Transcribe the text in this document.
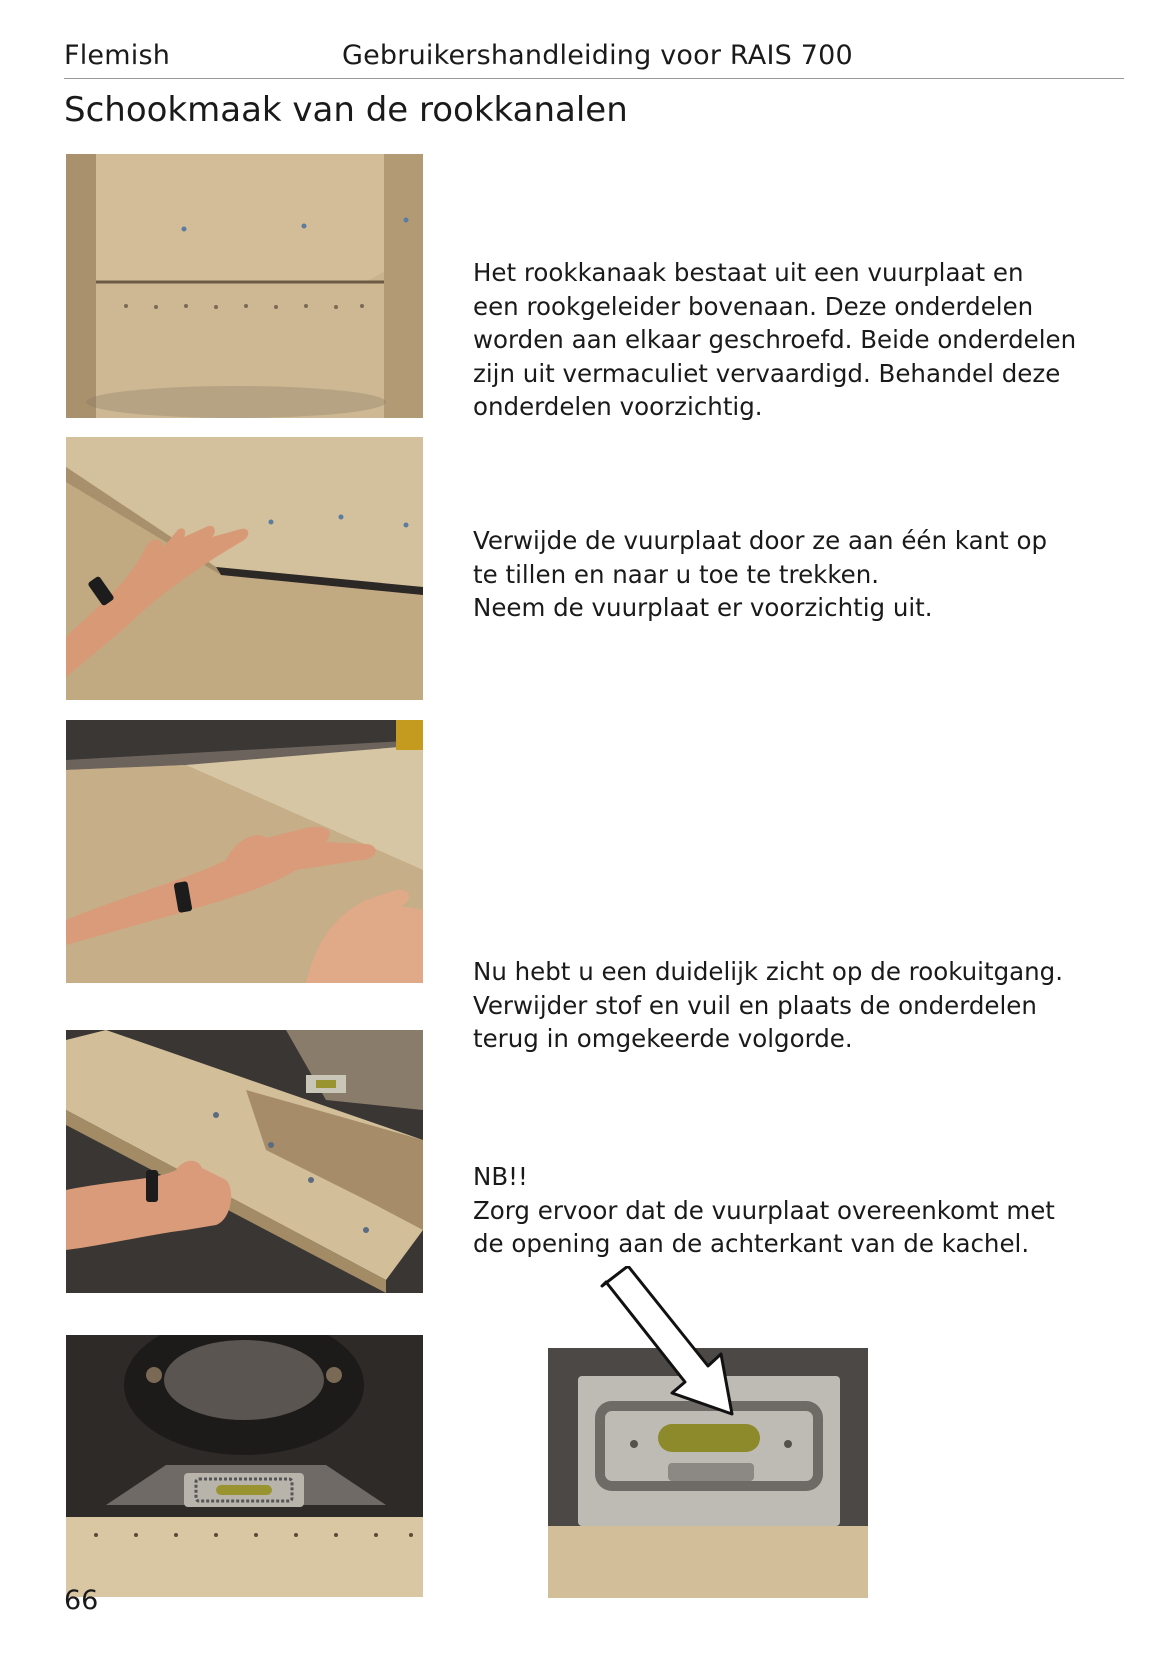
Flemish	Gebruikershandleiding voor RAIS 700
Schookmaak van de rookkanalen

Het rookkanaak bestaat uit een vuurplaat en
een rookgeleider bovenaan. Deze onderdelen
worden aan elkaar geschroefd. Beide onderdelen
zijn uit vermaculiet vervaardigd. Behandel deze
onderdelen voorzichtig.

Verwijde de vuurplaat door ze aan één kant op
te tillen en naar u toe te trekken.
Neem de vuurplaat er voorzichtig uit.

Nu hebt u een duidelijk zicht op de rookuitgang.
Verwijder stof en vuil en plaats de onderdelen
terug in omgekeerde volgorde.

NB!!
Zorg ervoor dat de vuurplaat overeenkomt met
de opening aan de achterkant van de kachel.

66
